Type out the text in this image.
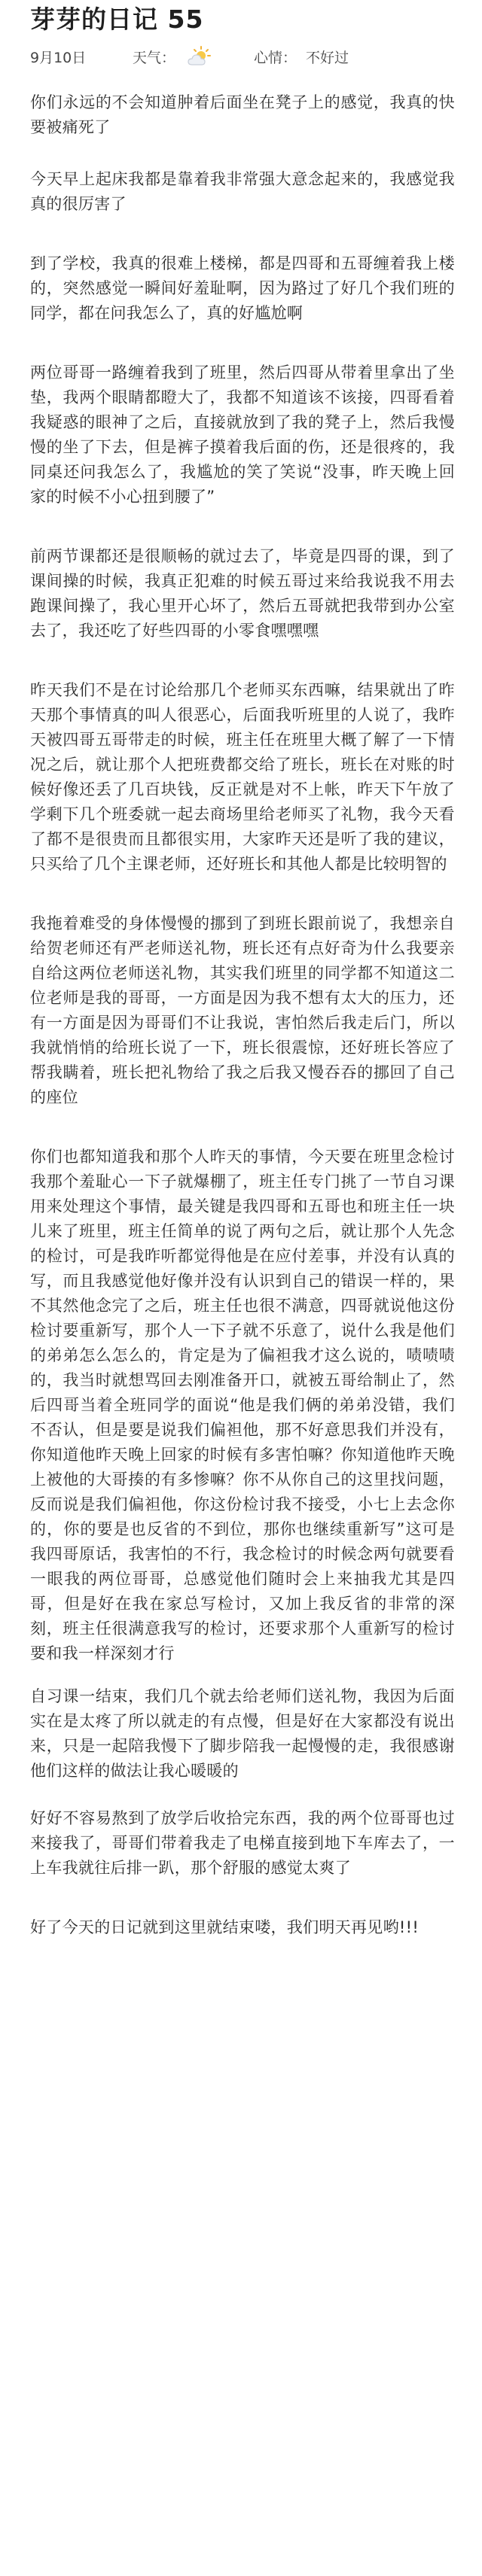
芽芽的日记 55
9月10日	天气：	心情： 不好过

你们永远的不会知道肿着后面坐在凳子上的感觉，我真的快要被痛死了

今天早上起床我都是靠着我非常强大意念起来的，我感觉我真的很厉害了

到了学校，我真的很难上楼梯，都是四哥和五哥缠着我上楼的，突然感觉一瞬间好羞耻啊，因为路过了好几个我们班的同学，都在问我怎么了，真的好尴尬啊

两位哥哥一路缠着我到了班里，然后四哥从带着里拿出了坐垫，我两个眼睛都瞪大了，我都不知道该不该接，四哥看着我疑惑的眼神了之后，直接就放到了我的凳子上，然后我慢慢的坐了下去，但是裤子摸着我后面的伤，还是很疼的，我同桌还问我怎么了，我尴尬的笑了笑说“没事，昨天晚上回家的时候不小心扭到腰了”

前两节课都还是很顺畅的就过去了，毕竟是四哥的课，到了课间操的时候，我真正犯难的时候五哥过来给我说我不用去跑课间操了，我心里开心坏了，然后五哥就把我带到办公室去了，我还吃了好些四哥的小零食嘿嘿嘿

昨天我们不是在讨论给那几个老师买东西嘛，结果就出了昨天那个事情真的叫人很恶心，后面我听班里的人说了，我昨天被四哥五哥带走的时候，班主任在班里大概了解了一下情况之后，就让那个人把班费都交给了班长，班长在对账的时候好像还丢了几百块钱，反正就是对不上帐，昨天下午放了学剩下几个班委就一起去商场里给老师买了礼物，我今天看了都不是很贵而且都很实用，大家昨天还是听了我的建议，只买给了几个主课老师，还好班长和其他人都是比较明智的

我拖着难受的身体慢慢的挪到了到班长跟前说了，我想亲自给贺老师还有严老师送礼物，班长还有点好奇为什么我要亲自给这两位老师送礼物，其实我们班里的同学都不知道这二位老师是我的哥哥，一方面是因为我不想有太大的压力，还有一方面是因为哥哥们不让我说，害怕然后我走后门，所以我就悄悄的给班长说了一下，班长很震惊，还好班长答应了帮我瞒着，班长把礼物给了我之后我又慢吞吞的挪回了自己的座位

你们也都知道我和那个人昨天的事情，今天要在班里念检讨我那个羞耻心一下子就爆棚了，班主任专门挑了一节自习课用来处理这个事情，最关键是我四哥和五哥也和班主任一块儿来了班里，班主任简单的说了两句之后，就让那个人先念的检讨，可是我昨听都觉得他是在应付差事，并没有认真的写，而且我感觉他好像并没有认识到自己的错误一样的，果不其然他念完了之后，班主任也很不满意，四哥就说他这份检讨要重新写，那个人一下子就不乐意了，说什么我是他们的弟弟怎么怎么的，肯定是为了偏袒我才这么说的，啧啧啧的，我当时就想骂回去刚准备开口，就被五哥给制止了，然后四哥当着全班同学的面说“他是我们俩的弟弟没错，我们不否认，但是要是说我们偏袒他，那不好意思我们并没有，你知道他昨天晚上回家的时候有多害怕嘛？你知道他昨天晚上被他的大哥揍的有多惨嘛？你不从你自己的这里找问题，反而说是我们偏袒他，你这份检讨我不接受，小七上去念你的，你的要是也反省的不到位，那你也继续重新写”这可是我四哥原话，我害怕的不行，我念检讨的时候念两句就要看一眼我的两位哥哥，总感觉他们随时会上来抽我尤其是四哥，但是好在我在家总写检讨，又加上我反省的非常的深刻，班主任很满意我写的检讨，还要求那个人重新写的检讨要和我一样深刻才行

自习课一结束，我们几个就去给老师们送礼物，我因为后面实在是太疼了所以就走的有点慢，但是好在大家都没有说出来，只是一起陪我慢下了脚步陪我一起慢慢的走，我很感谢他们这样的做法让我心暖暖的

好好不容易熬到了放学后收拾完东西，我的两个位哥哥也过来接我了，哥哥们带着我走了电梯直接到地下车库去了，一上车我就往后排一趴，那个舒服的感觉太爽了

好了今天的日记就到这里就结束喽，我们明天再见哟!!!
